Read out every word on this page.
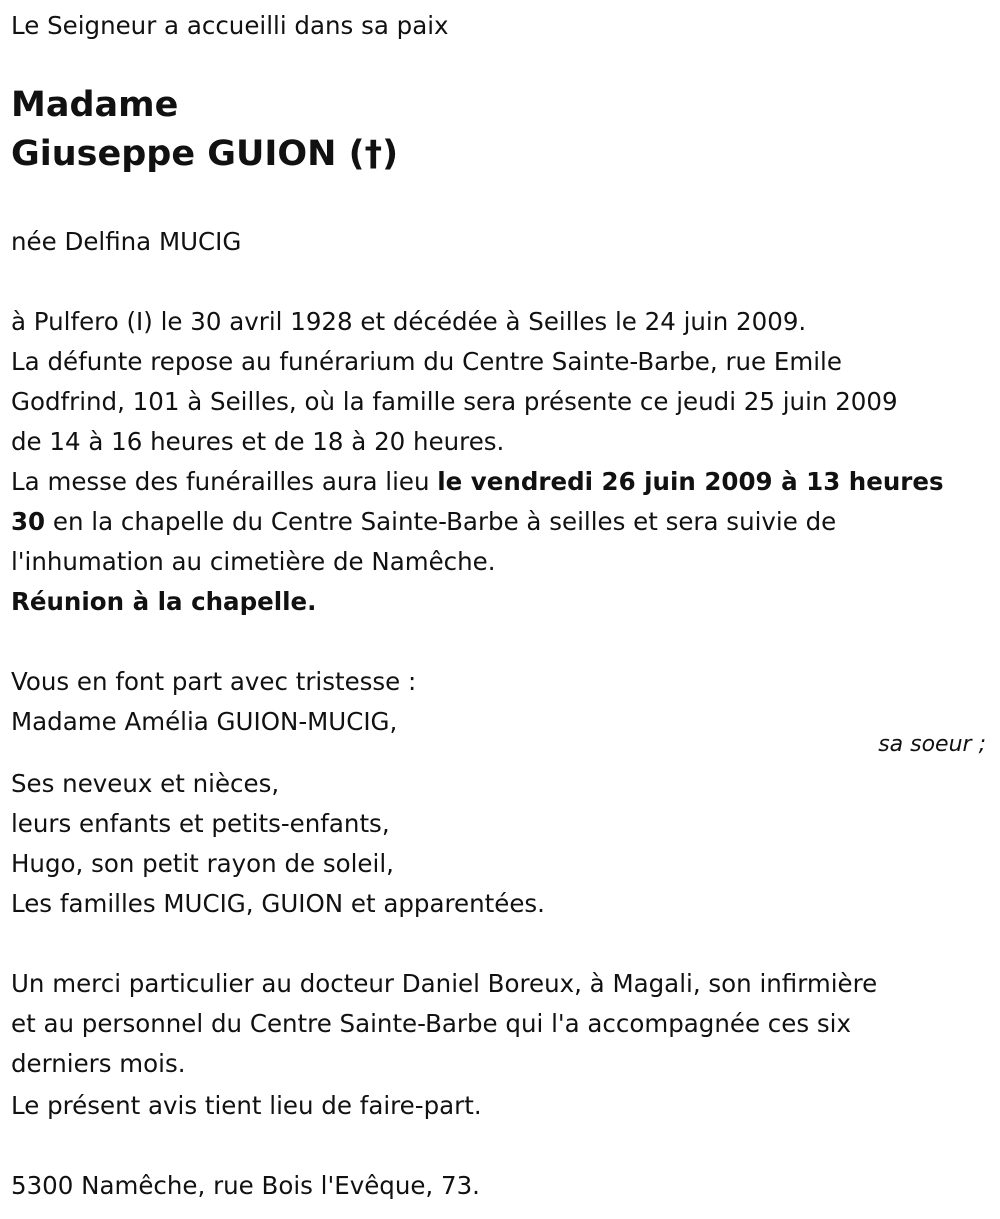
Le Seigneur a accueilli dans sa paix
Madame
Giuseppe GUION (†)
née Delfina MUCIG
à Pulfero (I) le 30 avril 1928 et décédée à Seilles le 24 juin 2009.
La défunte repose au funérarium du Centre Sainte-Barbe, rue Emile
Godfrind, 101 à Seilles, où la famille sera présente ce jeudi 25 juin 2009
de 14 à 16 heures et de 18 à 20 heures.
La messe des funérailles aura lieu le vendredi 26 juin 2009 à 13 heures
30 en la chapelle du Centre Sainte-Barbe à seilles et sera suivie de
l'inhumation au cimetière de Namêche.
Réunion à la chapelle.
Vous en font part avec tristesse :
Madame Amélia GUION-MUCIG,
sa soeur ;
Ses neveux et nièces,
leurs enfants et petits-enfants,
Hugo, son petit rayon de soleil,
Les familles MUCIG, GUION et apparentées.
Un merci particulier au docteur Daniel Boreux, à Magali, son infirmière
et au personnel du Centre Sainte-Barbe qui l'a accompagnée ces six
derniers mois.
Le présent avis tient lieu de faire-part.
5300 Namêche, rue Bois l'Evêque, 73.
